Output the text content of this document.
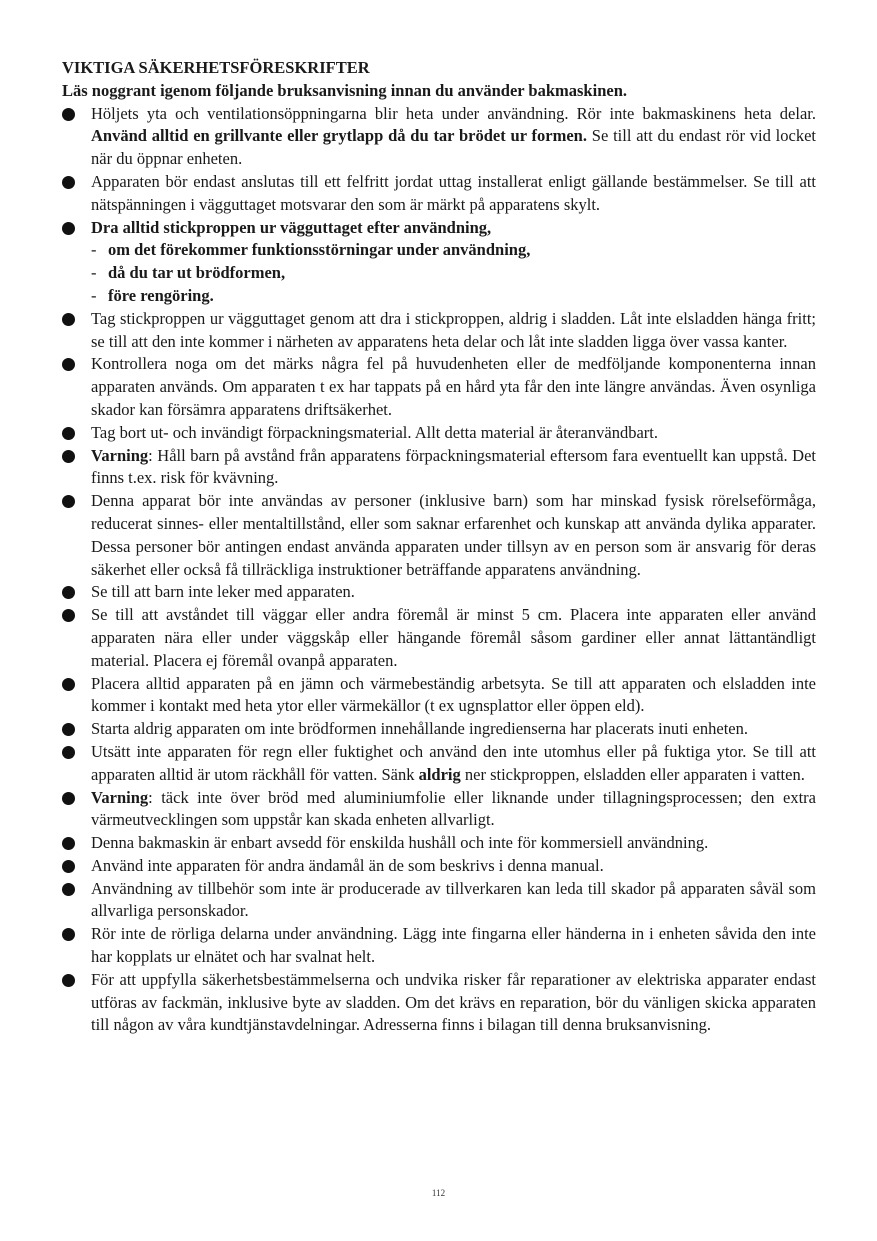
VIKTIGA SÄKERHETSFÖRESKRIFTER

Läs noggrant igenom följande bruksanvisning innan du använder bakmaskinen.

Höljets yta och ventilationsöppningarna blir heta under användning. Rör inte bakmaskinens heta delar. Använd alltid en grillvante eller grytlapp då du tar brödet ur formen. Se till att du endast rör vid locket när du öppnar enheten.
Apparaten bör endast anslutas till ett felfritt jordat uttag installerat enligt gällande bestämmelser. Se till att nätspänningen i vägguttaget motsvarar den som är märkt på apparatens skylt.
Dra alltid stickproppen ur vägguttaget efter användning,
- om det förekommer funktionsstörningar under användning,
- då du tar ut brödformen,
- före rengöring.
Tag stickproppen ur vägguttaget genom att dra i stickproppen, aldrig i sladden. Låt inte elsladden hänga fritt; se till att den inte kommer i närheten av apparatens heta delar och låt inte sladden ligga över vassa kanter.
Kontrollera noga om det märks några fel på huvudenheten eller de medföljande komponenterna innan apparaten används. Om apparaten t ex har tappats på en hård yta får den inte längre användas. Även osynliga skador kan försämra apparatens driftsäkerhet.
Tag bort ut- och invändigt förpackningsmaterial. Allt detta material är återanvändbart.
Varning: Håll barn på avstånd från apparatens förpackningsmaterial eftersom fara eventuellt kan uppstå. Det finns t.ex. risk för kvävning.
Denna apparat bör inte användas av personer (inklusive barn) som har minskad fysisk rörelseförmåga, reducerat sinnes- eller mentaltillstånd, eller som saknar erfarenhet och kunskap att använda dylika apparater. Dessa personer bör antingen endast använda apparaten under tillsyn av en person som är ansvarig för deras säkerhet eller också få tillräckliga instruktioner beträffande apparatens användning.
Se till att barn inte leker med apparaten.
Se till att avståndet till väggar eller andra föremål är minst 5 cm. Placera inte apparaten eller använd apparaten nära eller under väggskåp eller hängande föremål såsom gardiner eller annat lättantändligt material. Placera ej föremål ovanpå apparaten.
Placera alltid apparaten på en jämn och värmebeständig arbetsyta. Se till att apparaten och elsladden inte kommer i kontakt med heta ytor eller värmekällor (t ex ugnsplattor eller öppen eld).
Starta aldrig apparaten om inte brödformen innehållande ingredienserna har placerats inuti enheten.
Utsätt inte apparaten för regn eller fuktighet och använd den inte utomhus eller på fuktiga ytor. Se till att apparaten alltid är utom räckhåll för vatten. Sänk aldrig ner stickproppen, elsladden eller apparaten i vatten.
Varning: täck inte över bröd med aluminiumfolie eller liknande under tillagningsprocessen; den extra värmeutvecklingen som uppstår kan skada enheten allvarligt.
Denna bakmaskin är enbart avsedd för enskilda hushåll och inte för kommersiell användning.
Använd inte apparaten för andra ändamål än de som beskrivs i denna manual.
Användning av tillbehör som inte är producerade av tillverkaren kan leda till skador på apparaten såväl som allvarliga personskador.
Rör inte de rörliga delarna under användning. Lägg inte fingarna eller händerna in i enheten såvida den inte har kopplats ur elnätet och har svalnat helt.
För att uppfylla säkerhetsbestämmelserna och undvika risker får reparationer av elektriska apparater endast utföras av fackmän, inklusive byte av sladden. Om det krävs en reparation, bör du vänligen skicka apparaten till någon av våra kundtjänstavdelningar. Adresserna finns i bilagan till denna bruksanvisning.
112
